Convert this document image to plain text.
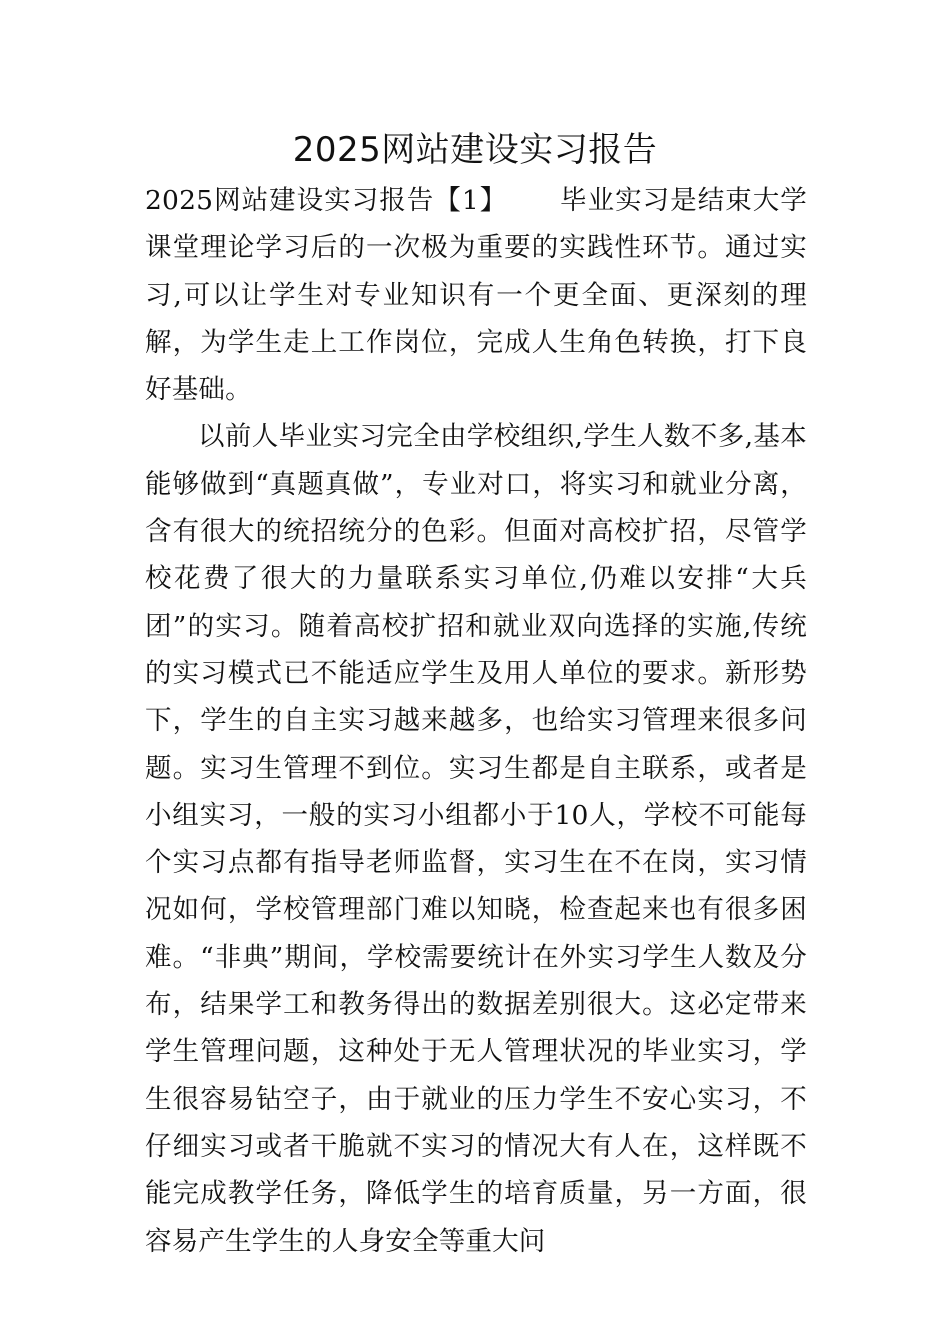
2025网站建设实习报告

2025网站建设实习报告【1】 毕业实习是结束大学课堂理论学习后的一次极为重要的实践性环节。通过实习,可以让学生对专业知识有一个更全面、更深刻的理解，为学生走上工作岗位，完成人生角色转换，打下良好基础。

以前人毕业实习完全由学校组织,学生人数不多,基本能够做到“真题真做”，专业对口，将实习和就业分离，含有很大的统招统分的色彩。但面对高校扩招，尽管学校花费了很大的力量联系实习单位,仍难以安排“大兵团”的实习。随着高校扩招和就业双向选择的实施,传统的实习模式已不能适应学生及用人单位的要求。新形势下，学生的自主实习越来越多，也给实习管理来很多问题。实习生管理不到位。实习生都是自主联系，或者是小组实习，一般的实习小组都小于10人，学校不可能每个实习点都有指导老师监督，实习生在不在岗，实习情况如何，学校管理部门难以知晓，检查起来也有很多困难。“非典”期间，学校需要统计在外实习学生人数及分布，结果学工和教务得出的数据差别很大。这必定带来学生管理问题，这种处于无人管理状况的毕业实习，学生很容易钻空子，由于就业的压力学生不安心实习，不仔细实习或者干脆就不实习的情况大有人在，这样既不能完成教学任务，降低学生的培育质量，另一方面，很容易产生学生的人身安全等重大问
